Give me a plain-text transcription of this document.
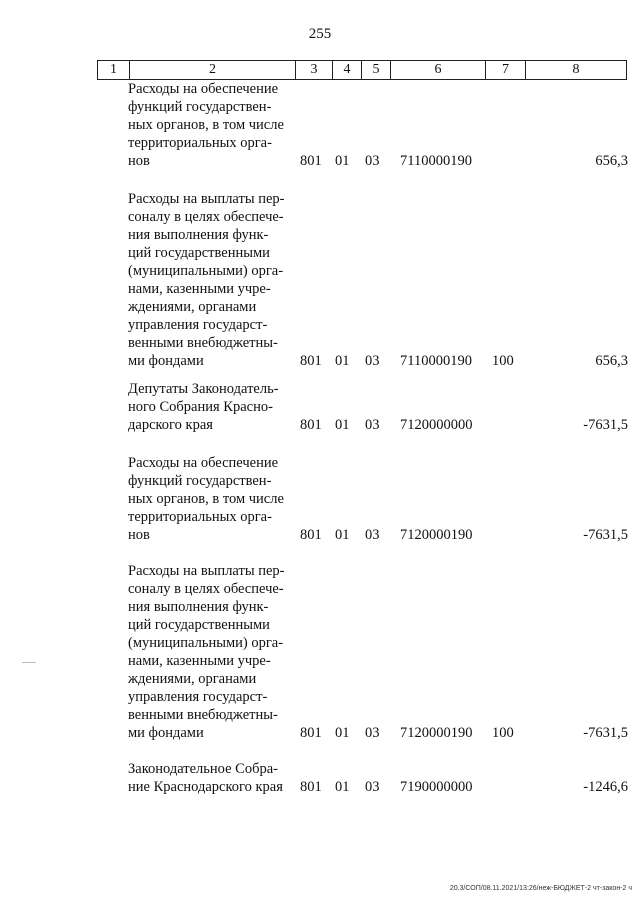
255
1	2	3	4	5	6	7	8
Расходы на обеспечение
функций государствен-
ных органов, в том числе
территориальных орга-
нов	801 01 03 7110000190	656,3
Расходы на выплаты пер-
соналу в целях обеспече-
ния выполнения функ-
ций государственными
(муниципальными) орга-
нами, казенными учре-
ждениями, органами
управления государст-
венными внебюджетны-
ми фондами	801 01 03 7110000190 100	656,3
Депутаты Законодатель-
ного Собрания Красно-
дарского края	801 01 03 7120000000	-7631,5
Расходы на обеспечение
функций государствен-
ных органов, в том числе
территориальных орга-
нов	801 01 03 7120000190	-7631,5
Расходы на выплаты пер-
соналу в целях обеспече-
ния выполнения функ-
ций государственными
(муниципальными) орга-
нами, казенными учре-
ждениями, органами
управления государст-
венными внебюджетны-
ми фондами	801 01 03 7120000190 100	-7631,5
Законодательное Собра-
ние Краснодарского края	801 01 03 7190000000	-1246,6
20.3/СОП/08.11.2021/13:26/неж-БЮДЖЕТ-2 чт-закон-2 ч
